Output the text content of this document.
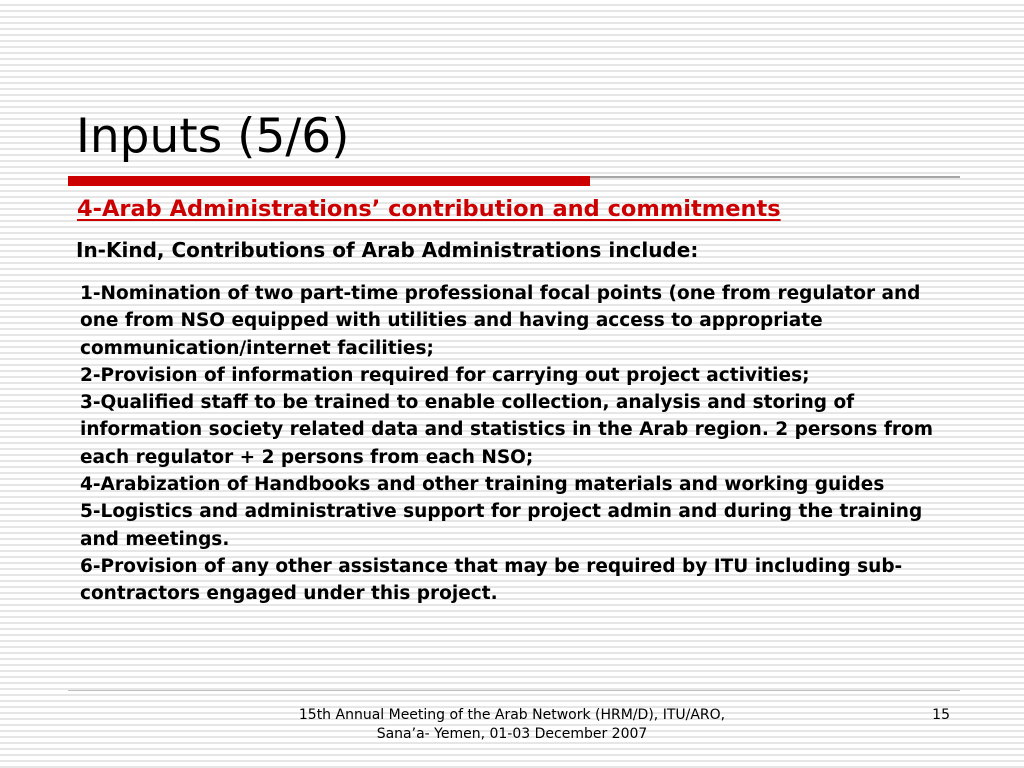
Inputs (5/6)
4-Arab Administrations’ contribution and commitments

In-Kind, Contributions of Arab Administrations include:

1-Nomination of two part-time professional focal points (one from regulator and one from NSO equipped with utilities and having access to appropriate communication/internet facilities;

2-Provision of information required for carrying out project activities;

3-Qualified staff to be trained to enable collection, analysis and storing of information society related data and statistics in the Arab region. 2 persons from each regulator + 2 persons from each NSO;

4-Arabization of Handbooks and other training materials and working guides

5-Logistics and administrative support for project admin and during the training and meetings.

6-Provision of any other assistance that may be required by ITU including sub-contractors engaged under this project.

15th Annual Meeting of the Arab Network (HRM/D), ITU/ARO, Sana’a- Yemen, 01-03 December 2007

15
